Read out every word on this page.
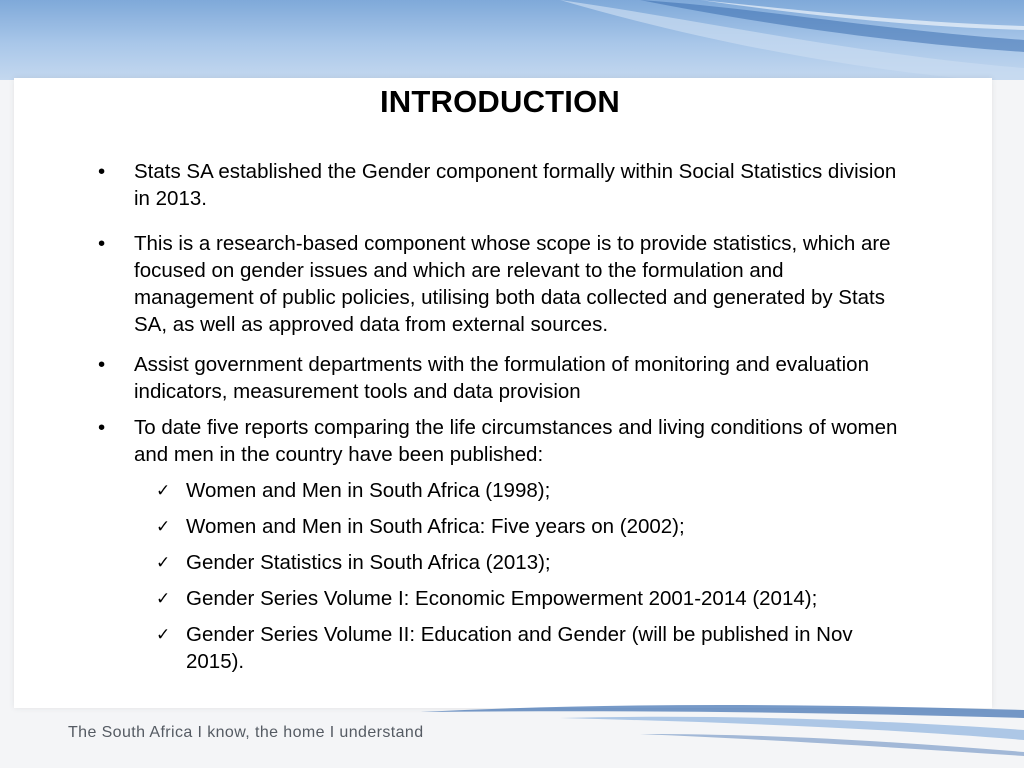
INTRODUCTION
• Stats SA established the Gender component formally within Social Statistics division in 2013.
• This is a research-based component whose scope is to provide statistics, which are focused on gender issues and which are relevant to the formulation and management of public policies, utilising both data collected and generated by Stats SA, as well as approved data from external sources.
• Assist government departments with the formulation of monitoring and evaluation indicators, measurement tools and data provision
• To date five reports comparing the life circumstances and living conditions of women and men in the country have been published:
✓ Women and Men in South Africa (1998);
✓ Women and Men in South Africa: Five years on (2002);
✓ Gender Statistics in South Africa (2013);
✓ Gender Series Volume I: Economic Empowerment 2001-2014 (2014);
✓ Gender Series Volume II: Education and Gender (will be published in Nov 2015).
The South Africa I know, the home I understand
